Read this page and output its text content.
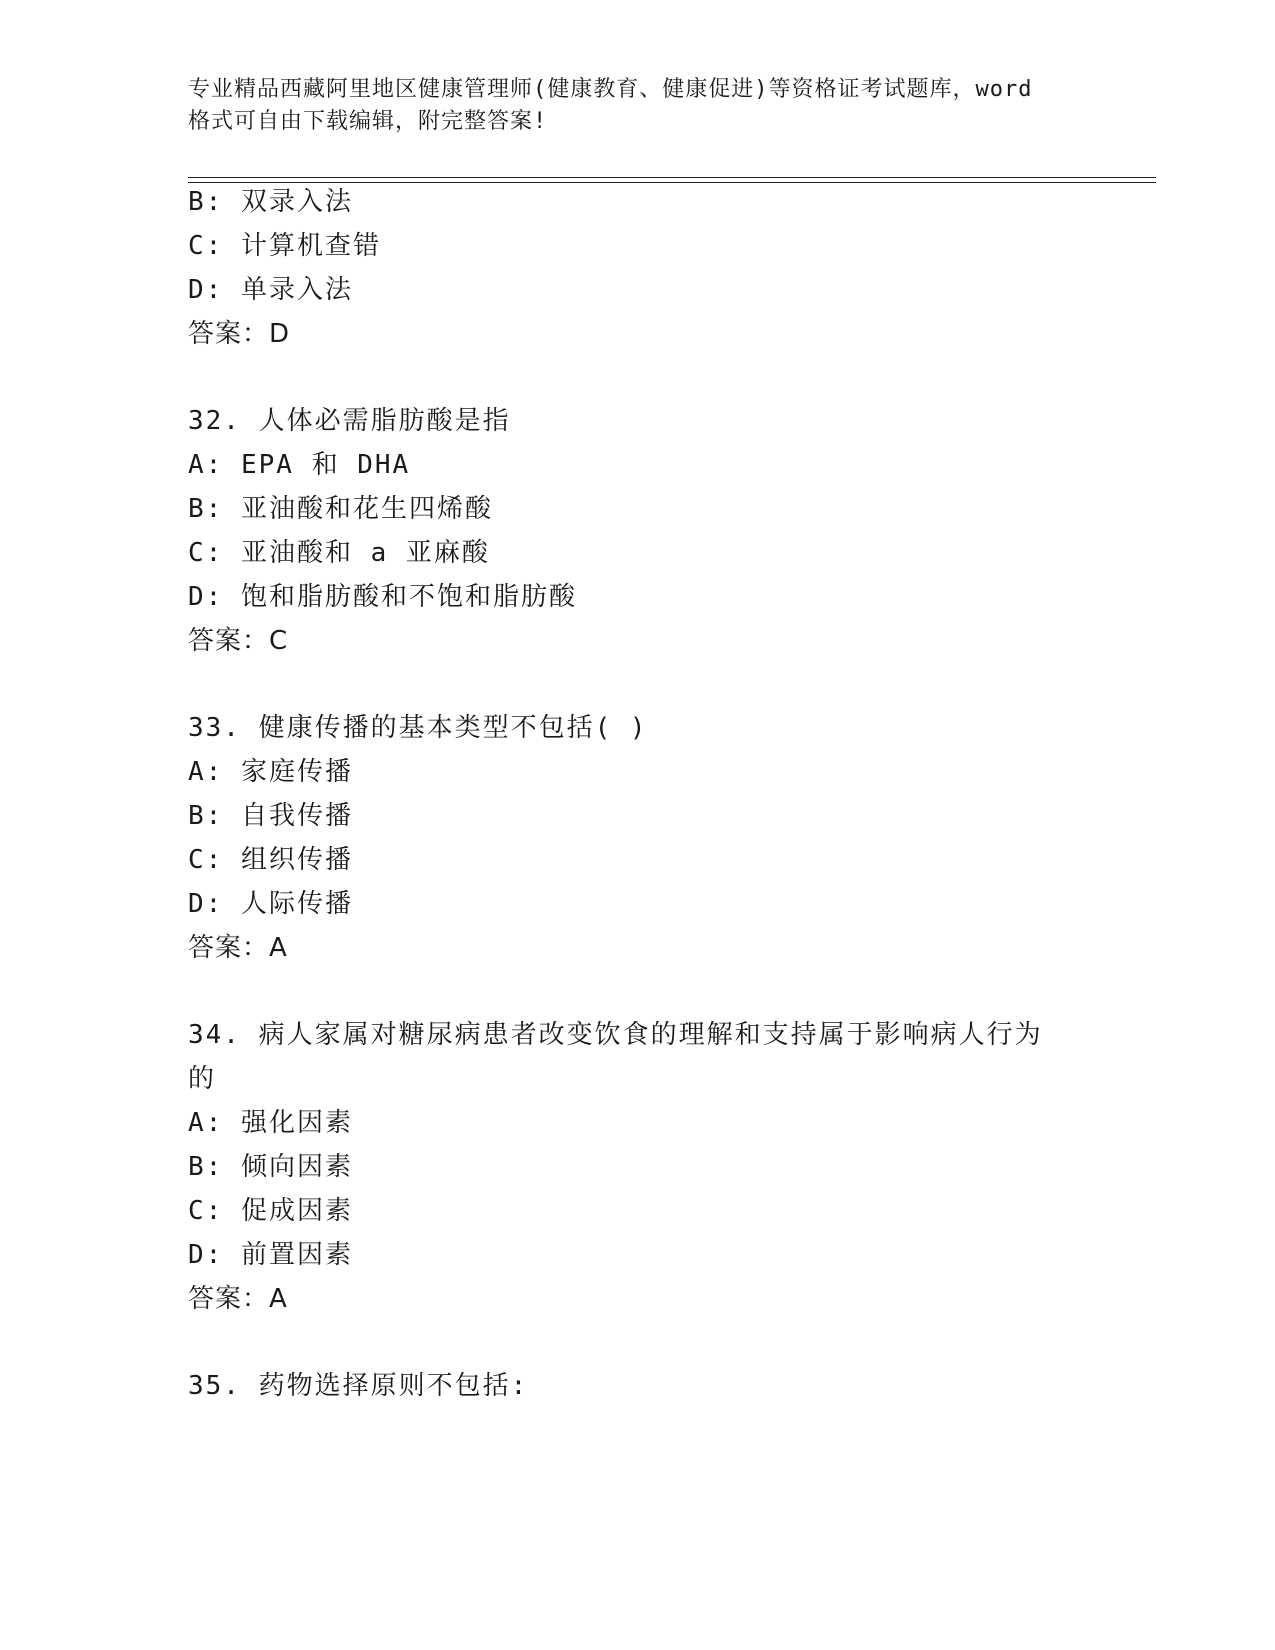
专业精品西藏阿里地区健康管理师(健康教育、健康促进)等资格证考试题库，word
格式可自由下载编辑，附完整答案!
B: 双录入法
C: 计算机查错
D: 单录入法
答案：D
32. 人体必需脂肪酸是指
A: EPA 和 DHA
B: 亚油酸和花生四烯酸
C: 亚油酸和 a 亚麻酸
D: 饱和脂肪酸和不饱和脂肪酸
答案：C
33. 健康传播的基本类型不包括( )
A: 家庭传播
B: 自我传播
C: 组织传播
D: 人际传播
答案：A
34. 病人家属对糖尿病患者改变饮食的理解和支持属于影响病人行为
的
A: 强化因素
B: 倾向因素
C: 促成因素
D: 前置因素
答案：A
35. 药物选择原则不包括:
